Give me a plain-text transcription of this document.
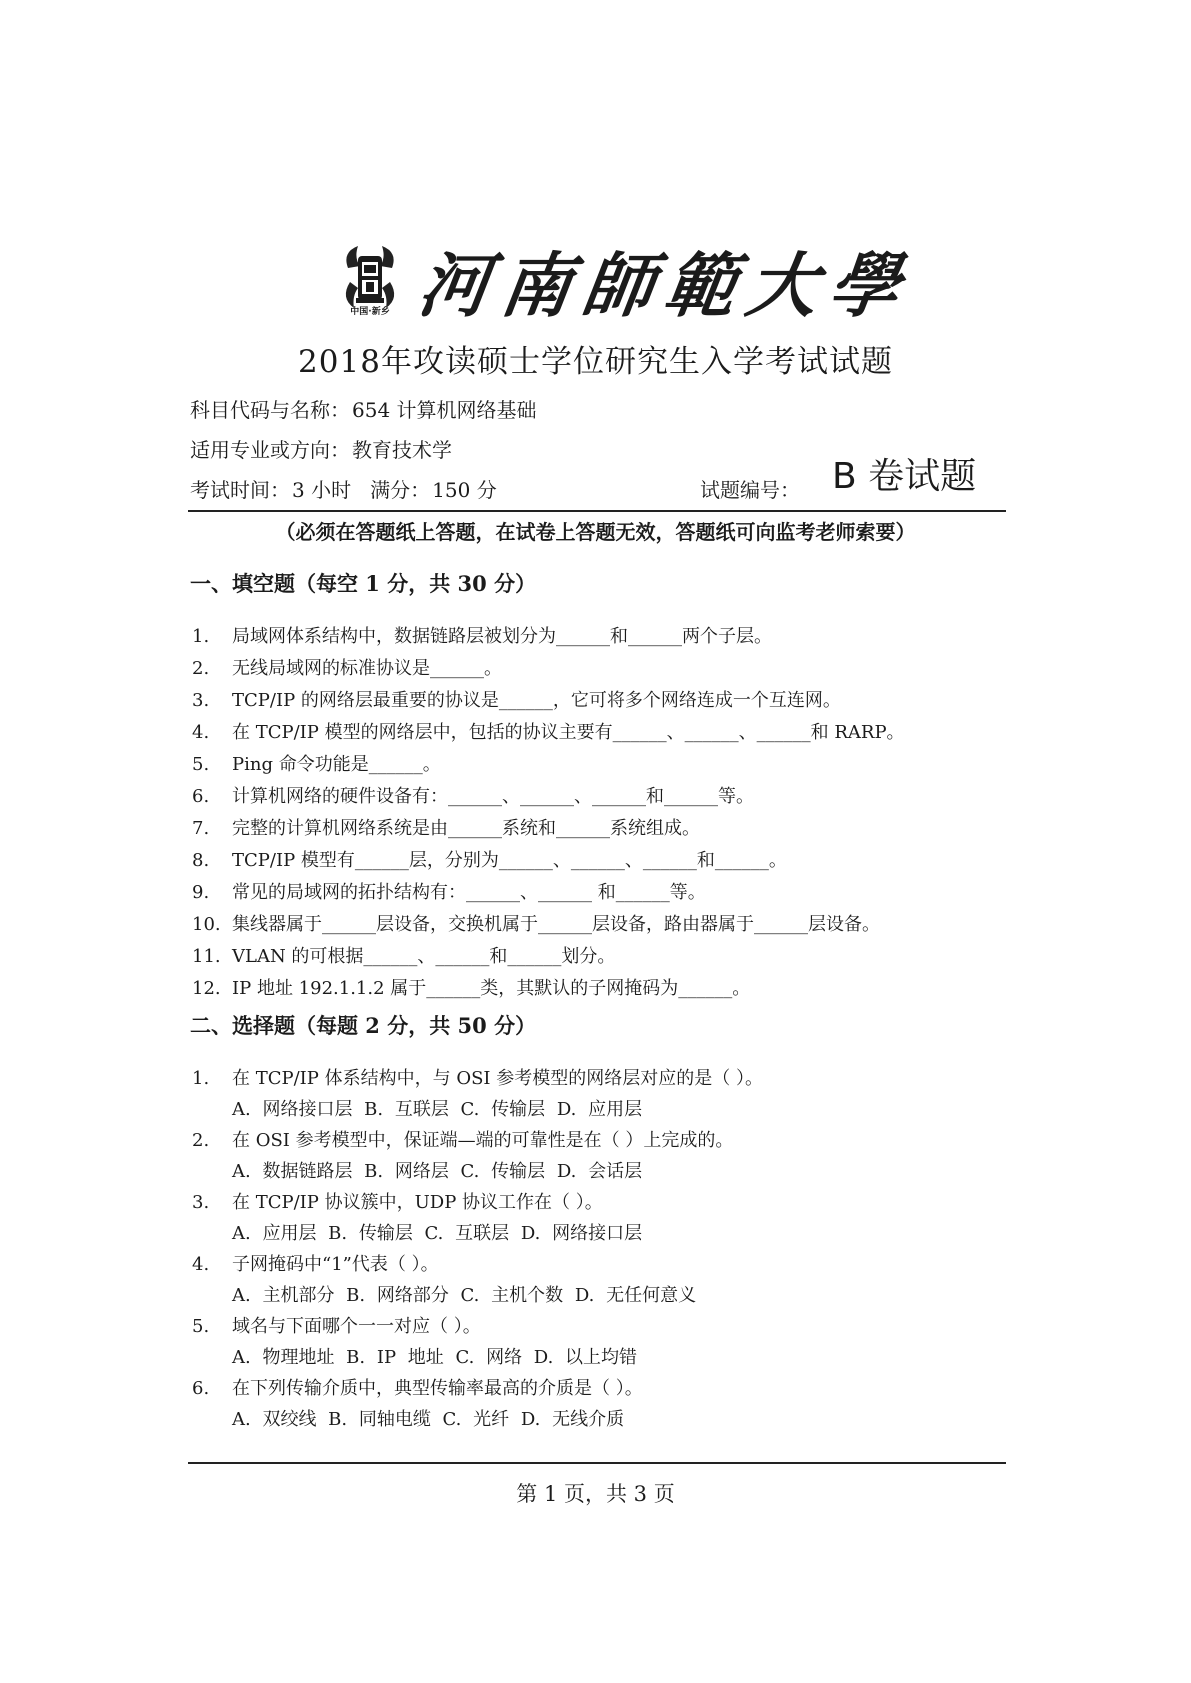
中国·新乡 河南師範大學
2018年攻读硕士学位研究生入学考试试题
科目代码与名称： 654 计算机网络基础
适用专业或方向： 教育技术学
考试时间： 3 小时 满分： 150 分	试题编号： B 卷试题
（必须在答题纸上答题，在试卷上答题无效，答题纸可向监考老师索要）
一、填空题（每空 1 分，共 30 分）
1. 局域网体系结构中，数据链路层被划分为______和______两个子层。
2. 无线局域网的标准协议是______。
3. TCP/IP 的网络层最重要的协议是______，它可将多个网络连成一个互连网。
4. 在 TCP/IP 模型的网络层中，包括的协议主要有______、______、______和 RARP。
5. Ping 命令功能是______。
6. 计算机网络的硬件设备有：______、______、______和______等。
7. 完整的计算机网络系统是由______系统和______系统组成。
8. TCP/IP 模型有______层，分别为______、______、______和______。
9. 常见的局域网的拓扑结构有：______、______ 和______等。
10. 集线器属于______层设备，交换机属于______层设备，路由器属于______层设备。
11. VLAN 的可根据______、______和______划分。
12. IP 地址 192.1.1.2 属于______类，其默认的子网掩码为______。
二、选择题（每题 2 分，共 50 分）
1. 在 TCP/IP 体系结构中，与 OSI 参考模型的网络层对应的是（ ）。
A. 网络接口层 B. 互联层 C. 传输层 D. 应用层
2. 在 OSI 参考模型中，保证端—端的可靠性是在（ ）上完成的。
A. 数据链路层 B. 网络层 C. 传输层 D. 会话层
3. 在 TCP/IP 协议簇中，UDP 协议工作在（ ）。
A. 应用层 B. 传输层 C. 互联层 D. 网络接口层
4. 子网掩码中“1”代表（ ）。
A. 主机部分 B. 网络部分 C. 主机个数 D. 无任何意义
5. 域名与下面哪个一一对应（ ）。
A. 物理地址 B. IP 地址 C. 网络 D. 以上均错
6. 在下列传输介质中，典型传输率最高的介质是（ ）。
A. 双绞线 B. 同轴电缆 C. 光纤 D. 无线介质
第 1 页，共 3 页
